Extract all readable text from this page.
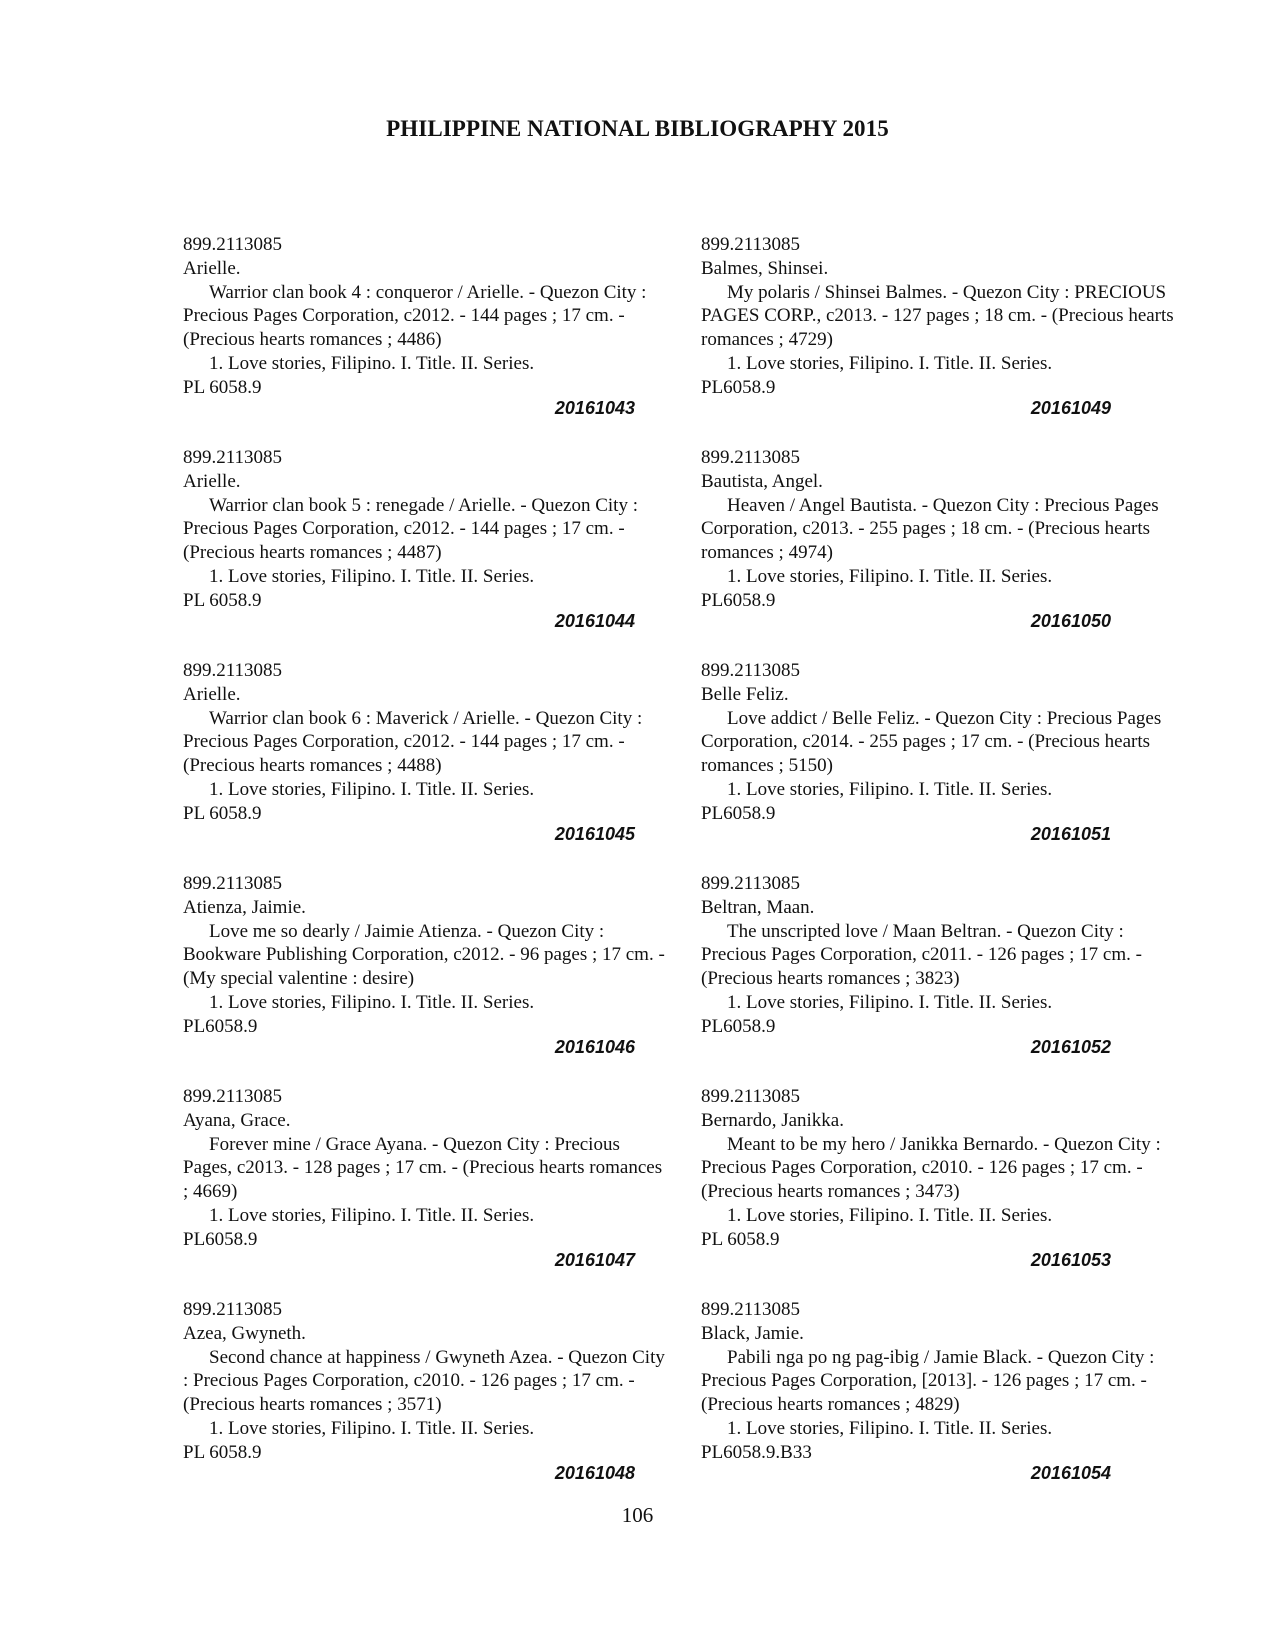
PHILIPPINE NATIONAL BIBLIOGRAPHY 2015
899.2113085
Arielle.
Warrior clan book 4 : conqueror / Arielle. - Quezon City : Precious Pages Corporation, c2012. - 144 pages ; 17 cm. - (Precious hearts romances ; 4486)
1. Love stories, Filipino. I. Title. II. Series.
PL 6058.9
20161043
899.2113085
Arielle.
Warrior clan book 5 : renegade / Arielle. - Quezon City : Precious Pages Corporation, c2012. - 144 pages ; 17 cm. - (Precious hearts romances ; 4487)
1. Love stories, Filipino. I. Title. II. Series.
PL 6058.9
20161044
899.2113085
Arielle.
Warrior clan book 6 : Maverick / Arielle. - Quezon City : Precious Pages Corporation, c2012. - 144 pages ; 17 cm. - (Precious hearts romances ; 4488)
1. Love stories, Filipino. I. Title. II. Series.
PL 6058.9
20161045
899.2113085
Atienza, Jaimie.
Love me so dearly / Jaimie Atienza. - Quezon City : Bookware Publishing Corporation, c2012. - 96 pages ; 17 cm. - (My special valentine : desire)
1. Love stories, Filipino. I. Title. II. Series.
PL6058.9
20161046
899.2113085
Ayana, Grace.
Forever mine / Grace Ayana. - Quezon City : Precious Pages, c2013. - 128 pages ; 17 cm. - (Precious hearts romances ; 4669)
1. Love stories, Filipino. I. Title. II. Series.
PL6058.9
20161047
899.2113085
Azea, Gwyneth.
Second chance at happiness / Gwyneth Azea. - Quezon City : Precious Pages Corporation, c2010. - 126 pages ; 17 cm. - (Precious hearts romances ; 3571)
1. Love stories, Filipino. I. Title. II. Series.
PL 6058.9
20161048
899.2113085
Balmes, Shinsei.
My polaris / Shinsei Balmes. - Quezon City : PRECIOUS PAGES CORP., c2013. - 127 pages ; 18 cm. - (Precious hearts romances ; 4729)
1. Love stories, Filipino. I. Title. II. Series.
PL6058.9
20161049
899.2113085
Bautista, Angel.
Heaven / Angel Bautista. - Quezon City : Precious Pages Corporation, c2013. - 255 pages ; 18 cm. - (Precious hearts romances ; 4974)
1. Love stories, Filipino. I. Title. II. Series.
PL6058.9
20161050
899.2113085
Belle Feliz.
Love addict / Belle Feliz. - Quezon City : Precious Pages Corporation, c2014. - 255 pages ; 17 cm. - (Precious hearts romances ; 5150)
1. Love stories, Filipino. I. Title. II. Series.
PL6058.9
20161051
899.2113085
Beltran, Maan.
The unscripted love / Maan Beltran. - Quezon City : Precious Pages Corporation, c2011. - 126 pages ; 17 cm. - (Precious hearts romances ; 3823)
1. Love stories, Filipino. I. Title. II. Series.
PL6058.9
20161052
899.2113085
Bernardo, Janikka.
Meant to be my hero / Janikka Bernardo. - Quezon City : Precious Pages Corporation, c2010. - 126 pages ; 17 cm. - (Precious hearts romances ; 3473)
1. Love stories, Filipino. I. Title. II. Series.
PL 6058.9
20161053
899.2113085
Black, Jamie.
Pabili nga po ng pag-ibig / Jamie Black. - Quezon City : Precious Pages Corporation, [2013]. - 126 pages ; 17 cm. - (Precious hearts romances ; 4829)
1. Love stories, Filipino. I. Title. II. Series.
PL6058.9.B33
20161054
106
